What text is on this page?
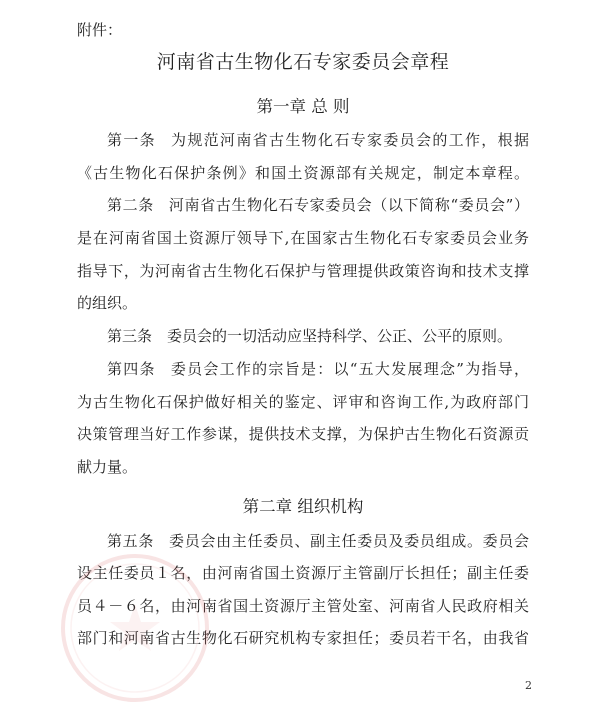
附件：
河南省古生物化石专家委员会章程
第一章 总 则
第一条 为规范河南省古生物化石专家委员会的工作，根据
《古生物化石保护条例》和国土资源部有关规定，制定本章程。
第二条 河南省古生物化石专家委员会（以下简称“委员会”）
是在河南省国土资源厅领导下,在国家古生物化石专家委员会业务
指导下，为河南省古生物化石保护与管理提供政策咨询和技术支撑
的组织。
第三条 委员会的一切活动应坚持科学、公正、公平的原则。
第四条 委员会工作的宗旨是：以“五大发展理念”为指导，
为古生物化石保护做好相关的鉴定、评审和咨询工作,为政府部门
决策管理当好工作参谋，提供技术支撑，为保护古生物化石资源贡
献力量。
第二章 组织机构
第五条 委员会由主任委员、副主任委员及委员组成。委员会
设主任委员１名，由河南省国土资源厅主管副厅长担任；副主任委
员４－６名，由河南省国土资源厅主管处室、河南省人民政府相关
部门和河南省古生物化石研究机构专家担任；委员若干名，由我省
2
